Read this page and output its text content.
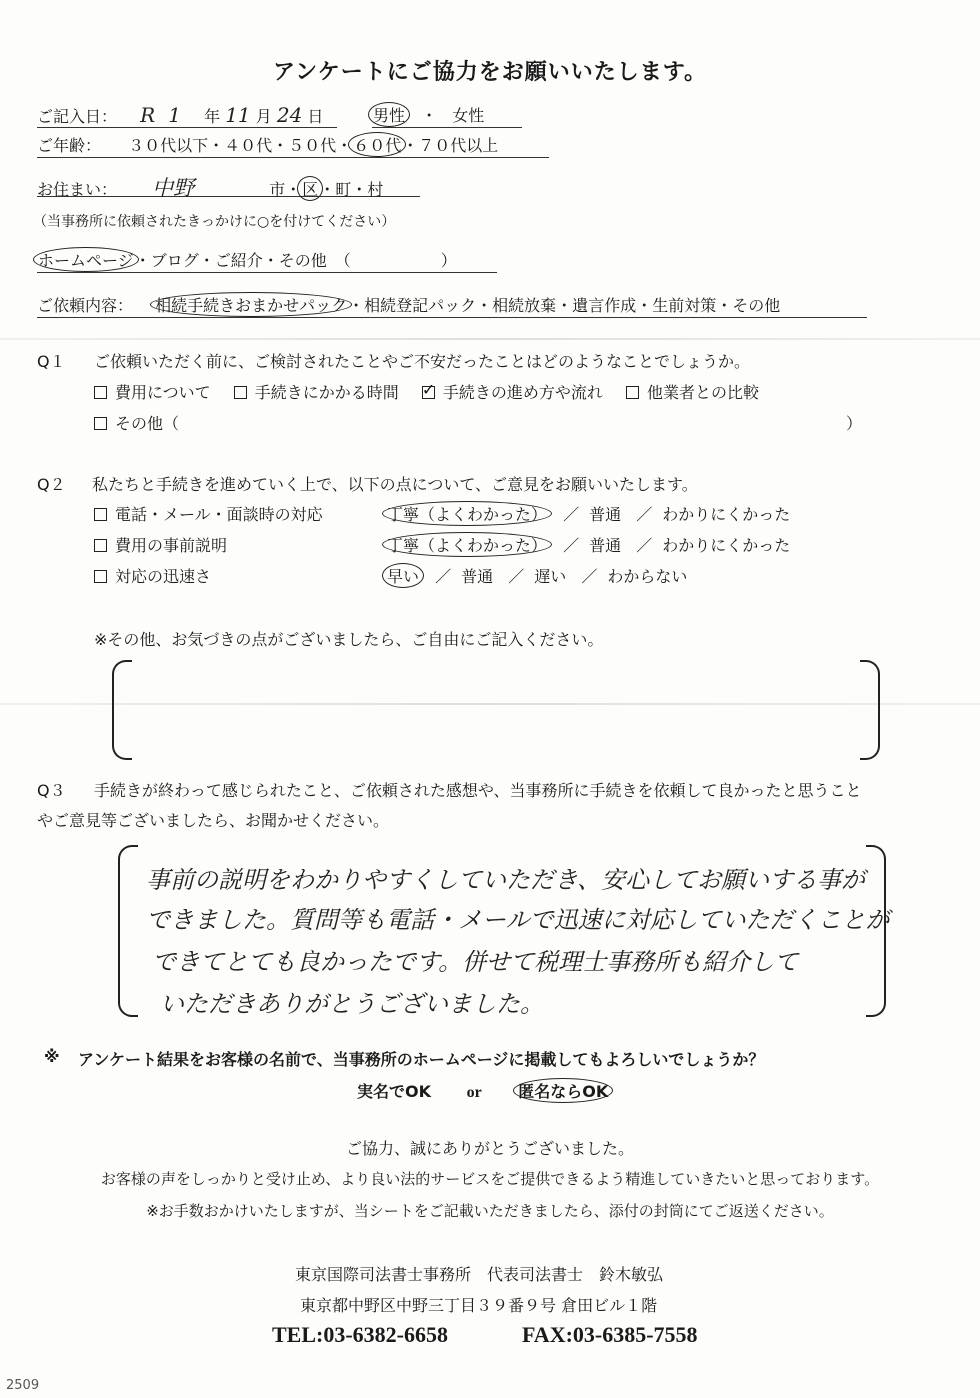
アンケートにご協力をお願いいたします。
ご記入日： R 1 年 11 月 24 日	男性 ・ 女性
ご年齢： ３０代以下・４０代・５０代・６０代・７０代以上
お住まい： 中野	市・区・町・村
（当事務所に依頼されたきっかけに○を付けてください）
ホームページ・ブログ・ご紹介・その他 （	）
ご依頼内容： 相続手続きおまかせパック・相続登記パック・相続放棄・遺言作成・生前対策・その他
Q１ ご依頼いただく前に、ご検討されたことやご不安だったことはどのようなことでしょうか。
費用について	手続きにかかる時間 ✓	手続きの進め方や流れ	他業者との比較
その他（	）
Q２ 私たちと手続きを進めていく上で、以下の点について、ご意見をお願いいたします。
電話・メール・面談時の対応	丁寧（よくわかった） ／ 普通 ／ わかりにくかった
費用の事前説明	丁寧（よくわかった） ／ 普通 ／ わかりにくかった
対応の迅速さ	早い ／ 普通 ／ 遅い ／ わからない
※その他、お気づきの点がございましたら、ご自由にご記入ください。
Q３ 手続きが終わって感じられたこと、ご依頼された感想や、当事務所に手続きを依頼して良かったと思うこと
やご意見等ございましたら、お聞かせください。
事前の説明をわかりやすくしていただき、安心してお願いする事が
できました。質問等も電話・メールで迅速に対応していただくことが
できてとても良かったです。併せて税理士事務所も紹介して
いただきありがとうございました。
※ アンケート結果をお客様の名前で、当事務所のホームページに掲載してもよろしいでしょうか？
実名でOK or 匿名ならOK
ご協力、誠にありがとうございました。
お客様の声をしっかりと受け止め、より良い法的サービスをご提供できるよう精進していきたいと思っております。
※お手数おかけいたしますが、当シートをご記載いただきましたら、添付の封筒にてご返送ください。
東京国際司法書士事務所　代表司法書士　鈴木敏弘
東京都中野区中野三丁目３９番９号 倉田ビル１階
TEL:03-6382-6658	FAX:03-6385-7558
2509
